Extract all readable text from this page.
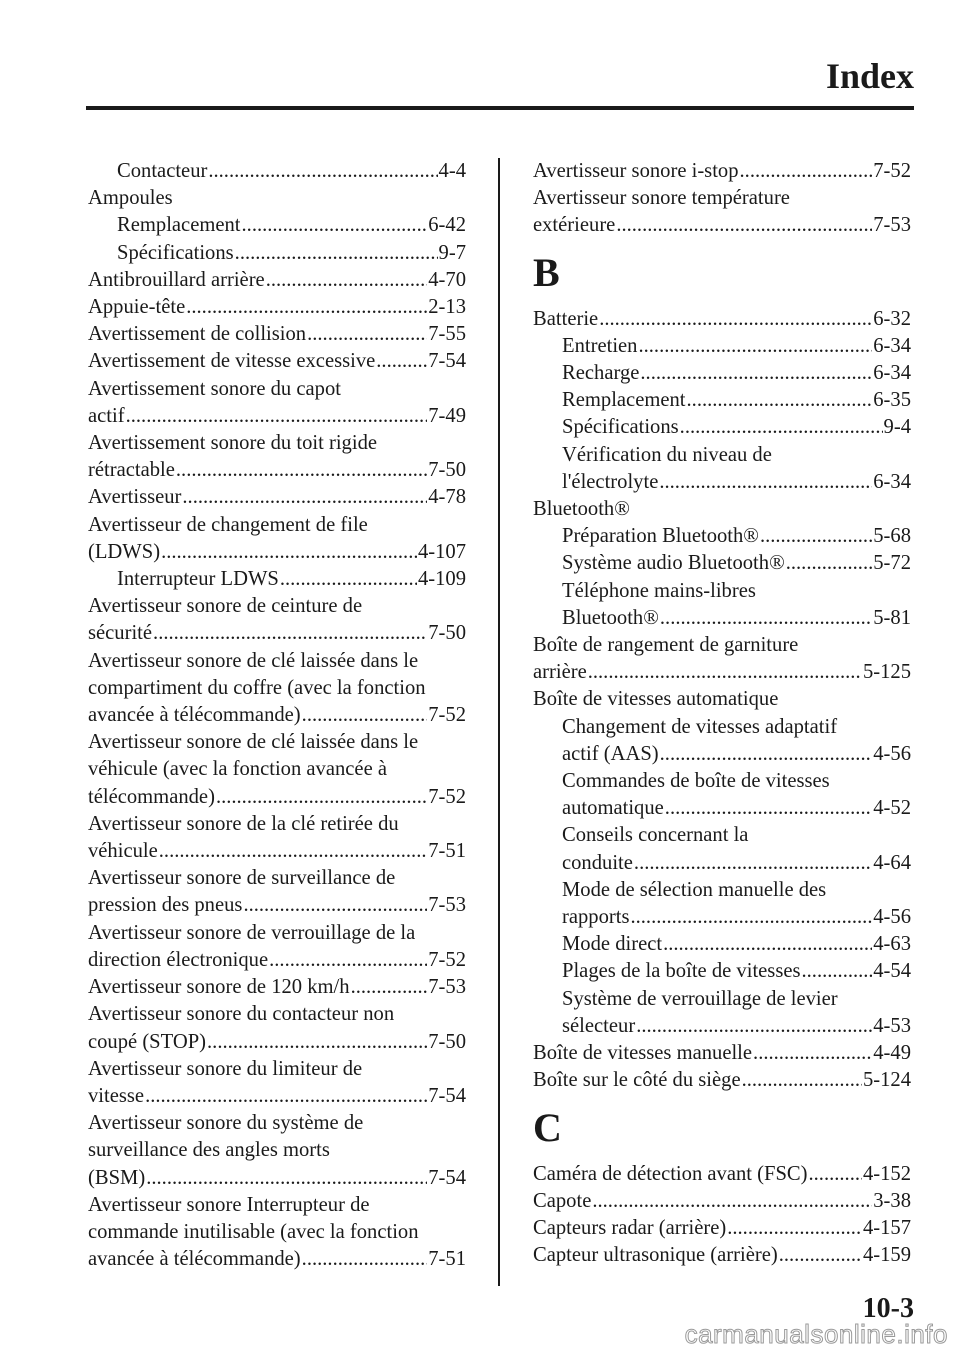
Index
Contacteur .....	4-4
Ampoules
Remplacement .....	6-42
Spécifications .....	9-7
Antibrouillard arrière .....	4-70
Appuie-tête .....	2-13
Avertissement de collision .....	7-55
Avertissement de vitesse excessive .....	7-54
Avertissement sonore du capot
actif .....	7-49
Avertissement sonore du toit rigide
rétractable .....	7-50
Avertisseur .....	4-78
Avertisseur de changement de file
(LDWS) .....	4-107
Interrupteur LDWS .....	4-109
Avertisseur sonore de ceinture de
sécurité .....	7-50
Avertisseur sonore de clé laissée dans le
compartiment du coffre (avec la fonction
avancée à télécommande) .....	7-52
Avertisseur sonore de clé laissée dans le
véhicule (avec la fonction avancée à
télécommande) .....	7-52
Avertisseur sonore de la clé retirée du
véhicule .....	7-51
Avertisseur sonore de surveillance de
pression des pneus .....	7-53
Avertisseur sonore de verrouillage de la
direction électronique .....	7-52
Avertisseur sonore de 120 km/h .....	7-53
Avertisseur sonore du contacteur non
coupé (STOP) .....	7-50
Avertisseur sonore du limiteur de
vitesse .....	7-54
Avertisseur sonore du système de
surveillance des angles morts
(BSM) .....	7-54
Avertisseur sonore Interrupteur de
commande inutilisable (avec la fonction
avancée à télécommande) .....	7-51
Avertisseur sonore i-stop .....	7-52
Avertisseur sonore température
extérieure .....	7-53
B
Batterie .....	6-32
Entretien .....	6-34
Recharge .....	6-34
Remplacement .....	6-35
Spécifications .....	9-4
Vérification du niveau de
l'électrolyte .....	6-34
Bluetooth®
Préparation Bluetooth® .....	5-68
Système audio Bluetooth® .....	5-72
Téléphone mains-libres
Bluetooth® .....	5-81
Boîte de rangement de garniture
arrière .....	5-125
Boîte de vitesses automatique
Changement de vitesses adaptatif
actif (AAS) .....	4-56
Commandes de boîte de vitesses
automatique .....	4-52
Conseils concernant la
conduite .....	4-64
Mode de sélection manuelle des
rapports .....	4-56
Mode direct .....	4-63
Plages de la boîte de vitesses .....	4-54
Système de verrouillage de levier
sélecteur .....	4-53
Boîte de vitesses manuelle .....	4-49
Boîte sur le côté du siège .....	5-124
C
Caméra de détection avant (FSC) .....	4-152
Capote .....	3-38
Capteurs radar (arrière) .....	4-157
Capteur ultrasonique (arrière) .....	4-159
10-3
carmanualsonline.info
